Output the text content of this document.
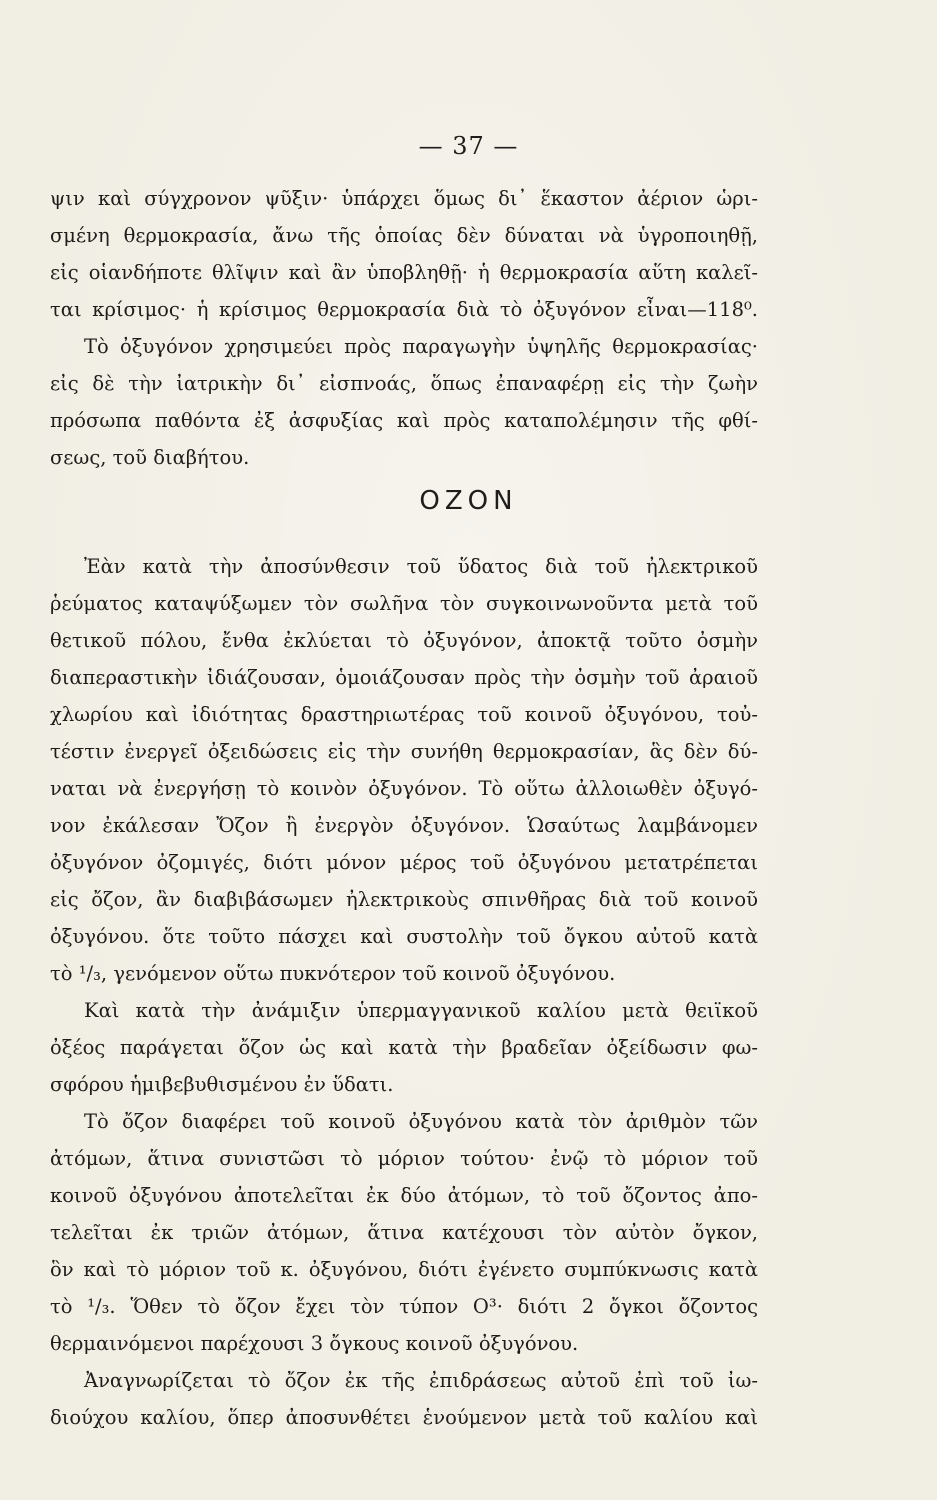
— 37 —
ψιν καὶ σύγχρονον ψῦξιν· ὑπάρχει ὅμως δι᾽ ἕκαστον ἀέριον ὡρι-
σμένη θερμοκρασία, ἄνω τῆς ὁποίας δὲν δύναται νὰ ὑγροποιηθῇ,
εἰς οἱανδήποτε θλῖψιν καὶ ἂν ὑποβληθῇ· ἡ θερμοκρασία αὕτη καλεῖ-
ται κρίσιμος· ἡ κρίσιμος θερμοκρασία διὰ τὸ ὀξυγόνον εἶναι—118⁰.
Τὸ ὀξυγόνον χρησιμεύει πρὸς παραγωγὴν ὑψηλῆς θερμοκρασίας·
εἰς δὲ τὴν ἰατρικὴν δι᾽ εἰσπνοάς, ὅπως ἐπαναφέρῃ εἰς τὴν ζωὴν
πρόσωπα παθόντα ἐξ ἀσφυξίας καὶ πρὸς καταπολέμησιν τῆς φθί-
σεως, τοῦ διαβήτου.
OZON
Ἐὰν κατὰ τὴν ἀποσύνθεσιν τοῦ ὕδατος διὰ τοῦ ἠλεκτρικοῦ
ῥεύματος καταψύξωμεν τὸν σωλῆνα τὸν συγκοινωνοῦντα μετὰ τοῦ
θετικοῦ πόλου, ἔνθα ἐκλύεται τὸ ὀξυγόνον, ἀποκτᾷ τοῦτο ὀσμὴν
διαπεραστικὴν ἰδιάζουσαν, ὁμοιάζουσαν πρὸς τὴν ὀσμὴν τοῦ ἀραιοῦ
χλωρίου καὶ ἰδιότητας δραστηριωτέρας τοῦ κοινοῦ ὀξυγόνου, τοὐ-
τέστιν ἐνεργεῖ ὀξειδώσεις εἰς τὴν συνήθη θερμοκρασίαν, ἃς δὲν δύ-
ναται νὰ ἐνεργήσῃ τὸ κοινὸν ὀξυγόνον. Τὸ οὕτω ἀλλοιωθὲν ὀξυγό-
νον ἐκάλεσαν Ὄζον ἢ ἐνεργὸν ὀξυγόνον. Ὡσαύτως λαμβάνομεν
ὀξυγόνον ὀζομιγές, διότι μόνον μέρος τοῦ ὀξυγόνου μετατρέπεται
εἰς ὄζον, ἂν διαβιβάσωμεν ἠλεκτρικοὺς σπινθῆρας διὰ τοῦ κοινοῦ
ὀξυγόνου. ὅτε τοῦτο πάσχει καὶ συστολὴν τοῦ ὄγκου αὐτοῦ κατὰ
τὸ ¹/₃, γενόμενον οὕτω πυκνότερον τοῦ κοινοῦ ὀξυγόνου.
Καὶ κατὰ τὴν ἀνάμιξιν ὑπερμαγγανικοῦ καλίου μετὰ θειϊκοῦ
ὀξέος παράγεται ὄζον ὡς καὶ κατὰ τὴν βραδεῖαν ὀξείδωσιν φω-
σφόρου ἡμιβεβυθισμένου ἐν ὕδατι.
Τὸ ὄζον διαφέρει τοῦ κοινοῦ ὀξυγόνου κατὰ τὸν ἀριθμὸν τῶν
ἀτόμων, ἅτινα συνιστῶσι τὸ μόριον τούτου· ἐνῷ τὸ μόριον τοῦ
κοινοῦ ὀξυγόνου ἀποτελεῖται ἐκ δύο ἀτόμων, τὸ τοῦ ὄζοντος ἀπο-
τελεῖται ἐκ τριῶν ἀτόμων, ἅτινα κατέχουσι τὸν αὐτὸν ὄγκον,
ὃν καὶ τὸ μόριον τοῦ κ. ὀξυγόνου, διότι ἐγένετο συμπύκνωσις κατὰ
τὸ ¹/₃. Ὅθεν τὸ ὄζον ἔχει τὸν τύπον O³· διότι 2 ὄγκοι ὄζοντος
θερμαινόμενοι παρέχουσι 3 ὄγκους κοινοῦ ὀξυγόνου.
Ἀναγνωρίζεται τὸ ὄζον ἐκ τῆς ἐπιδράσεως αὐτοῦ ἐπὶ τοῦ ἰω-
διούχου καλίου, ὅπερ ἀποσυνθέτει ἑνούμενον μετὰ τοῦ καλίου καὶ
